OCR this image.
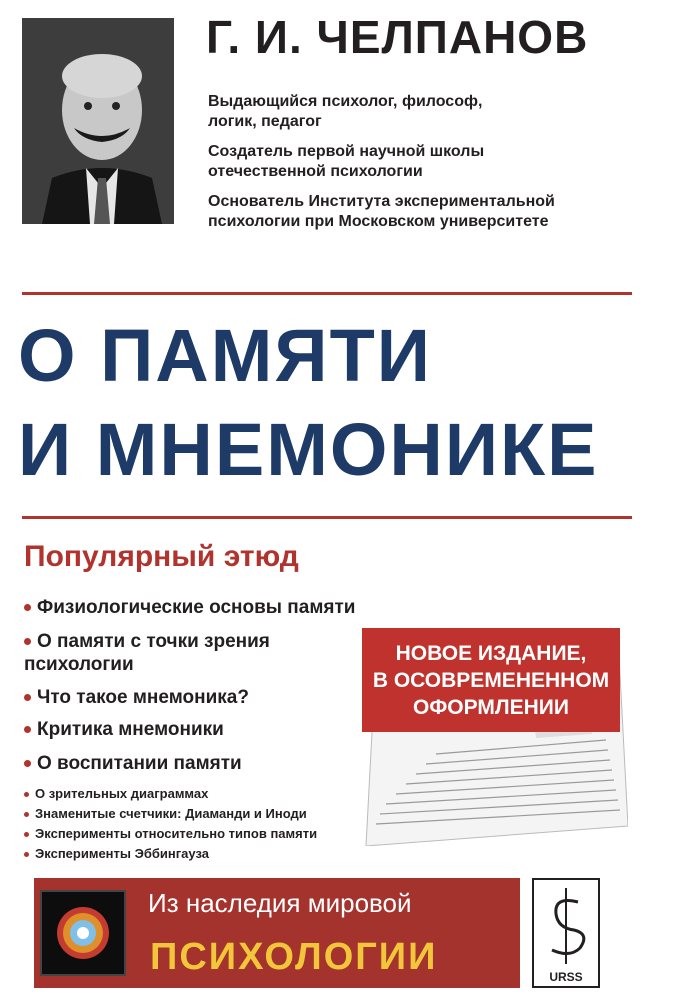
Г. И. ЧЕЛПАНОВ
Выдающийся психолог, философ,
логик, педагог
Создатель первой научной школы
отечественной психологии
Основатель Института экспериментальной
психологии при Московском университете
О ПАМЯТИ
И МНЕМОНИКЕ
Популярный этюд
Физиологические основы памяти
О памяти с точки зрения
психологии
Что такое мнемоника?
Критика мнемоники
О воспитании памяти
О зрительных диаграммах
Знаменитые счетчики: Диаманди и Иноди
Эксперименты относительно типов памяти
Эксперименты Эббингауза
НОВОЕ ИЗДАНИЕ,
В ОСОВРЕМЕНЕННОМ
ОФОРМЛЕНИИ
Из наследия мировой
ПСИХОЛОГИИ	URSS
